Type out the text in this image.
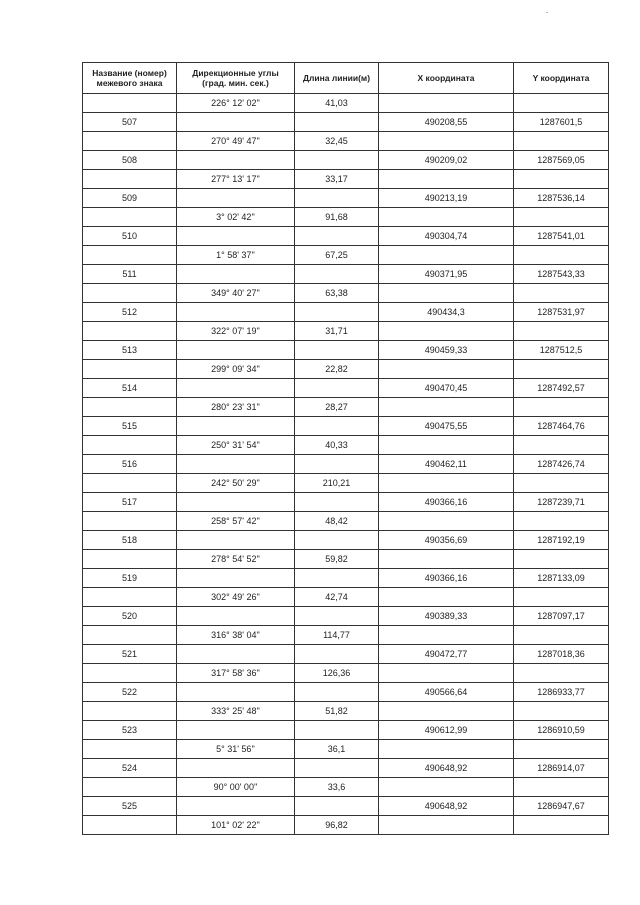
Название (номер)
межевого знака	Дирекционные углы
(град. мин. сек.)	Длина линии(м)	X координата	Y координата
	226° 12' 02''	41,03		
507			490208,55	1287601,5
	270° 49' 47''	32,45		
508			490209,02	1287569,05
	277° 13' 17''	33,17		
509			490213,19	1287536,14
	3° 02' 42''	91,68		
510			490304,74	1287541,01
	1° 58' 37''	67,25		
511			490371,95	1287543,33
	349° 40' 27''	63,38		
512			490434,3	1287531,97
	322° 07' 19''	31,71		
513			490459,33	1287512,5
	299° 09' 34''	22,82		
514			490470,45	1287492,57
	280° 23' 31''	28,27		
515			490475,55	1287464,76
	250° 31' 54''	40,33		
516			490462,11	1287426,74
	242° 50' 29''	210,21		
517			490366,16	1287239,71
	258° 57' 42''	48,42		
518			490356,69	1287192,19
	278° 54' 52''	59,82		
519			490366,16	1287133,09
	302° 49' 26''	42,74		
520			490389,33	1287097,17
	316° 38' 04''	114,77		
521			490472,77	1287018,36
	317° 58' 36''	126,36		
522			490566,64	1286933,77
	333° 25' 48''	51,82		
523			490612,99	1286910,59
	5° 31' 56''	36,1		
524			490648,92	1286914,07
	90° 00' 00''	33,6		
525			490648,92	1286947,67
	101° 02' 22''	96,82		
